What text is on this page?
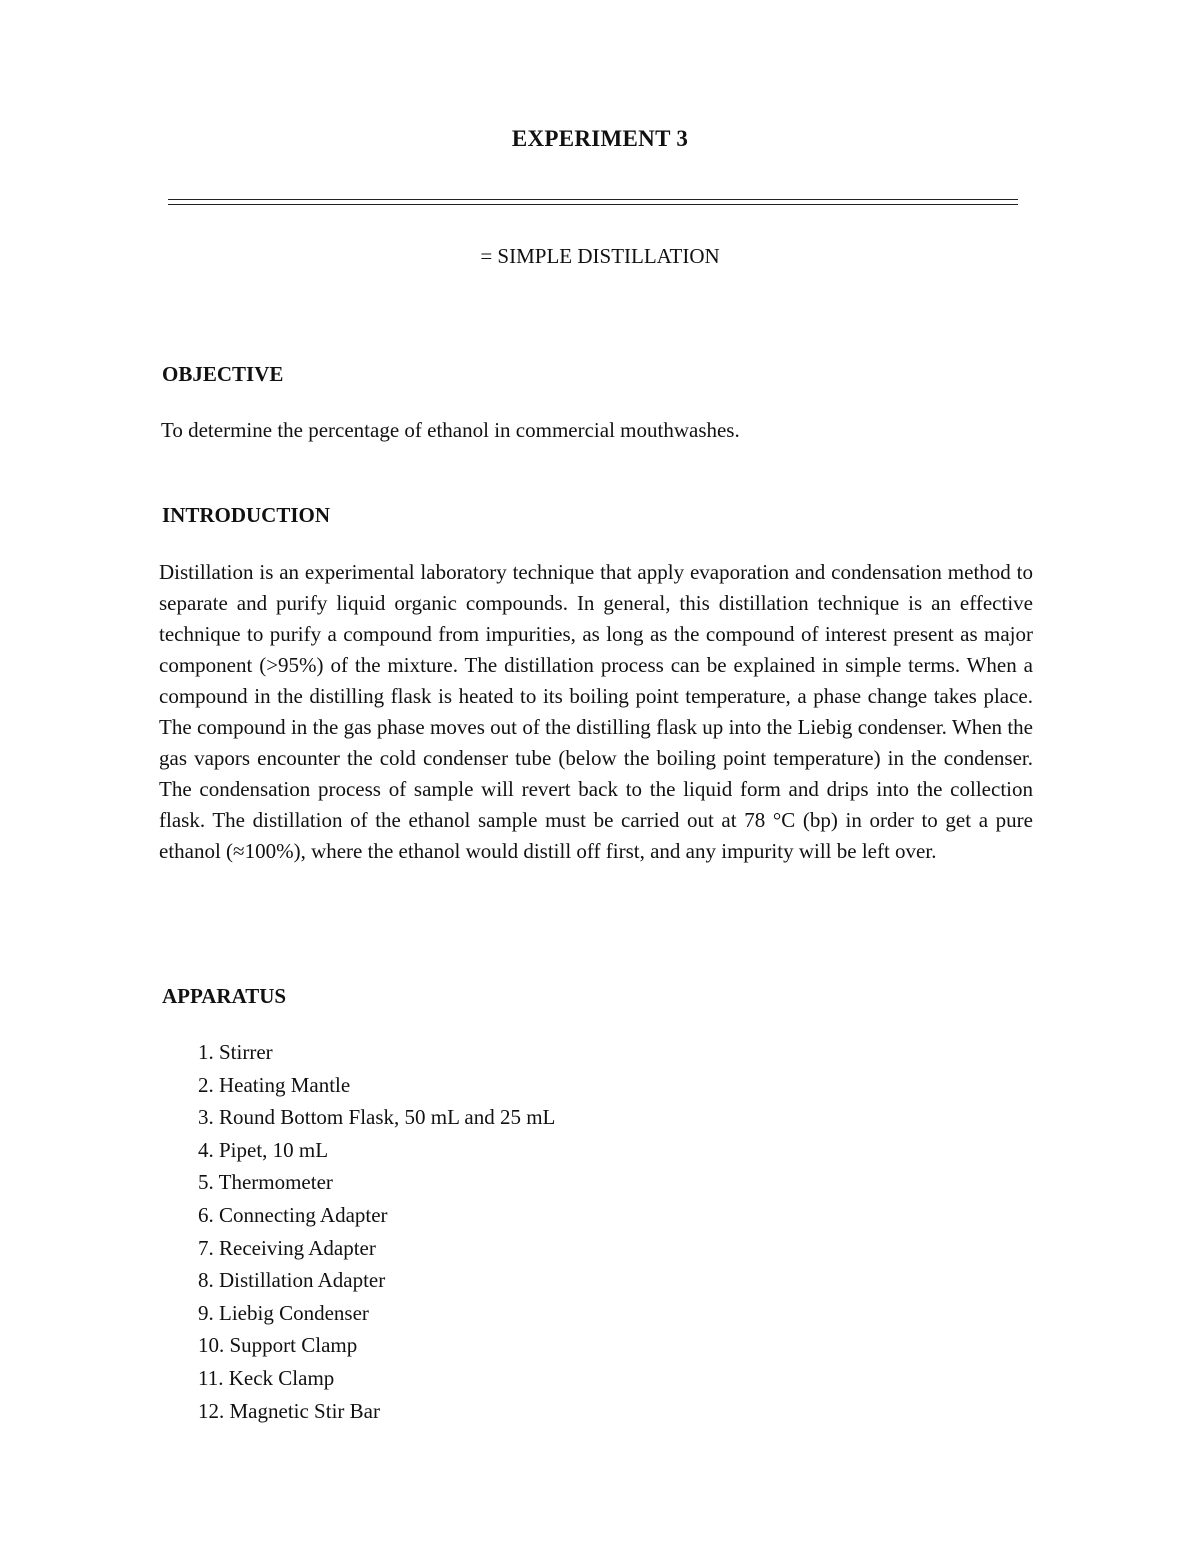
EXPERIMENT 3
= SIMPLE DISTILLATION
OBJECTIVE
To determine the percentage of ethanol in commercial mouthwashes.
INTRODUCTION

Distillation is an experimental laboratory technique that apply evaporation and condensation method to separate and purify liquid organic compounds. In general, this distillation technique is an effective technique to purify a compound from impurities, as long as the compound of interest present as major component (>95%) of the mixture. The distillation process can be explained in simple terms. When a compound in the distilling flask is heated to its boiling point temperature, a phase change takes place. The compound in the gas phase moves out of the distilling flask up into the Liebig condenser. When the gas vapors encounter the cold condenser tube (below the boiling point temperature) in the condenser. The condensation process of sample will revert back to the liquid form and drips into the collection flask. The distillation of the ethanol sample must be carried out at 78 °C (bp) in order to get a pure ethanol (≈100%), where the ethanol would distill off first, and any impurity will be left over.

APPARATUS
1. Stirrer
2. Heating Mantle
3. Round Bottom Flask, 50 mL and 25 mL
4. Pipet, 10 mL
5. Thermometer
6. Connecting Adapter
7. Receiving Adapter
8. Distillation Adapter
9. Liebig Condenser
10. Support Clamp
11. Keck Clamp
12. Magnetic Stir Bar
